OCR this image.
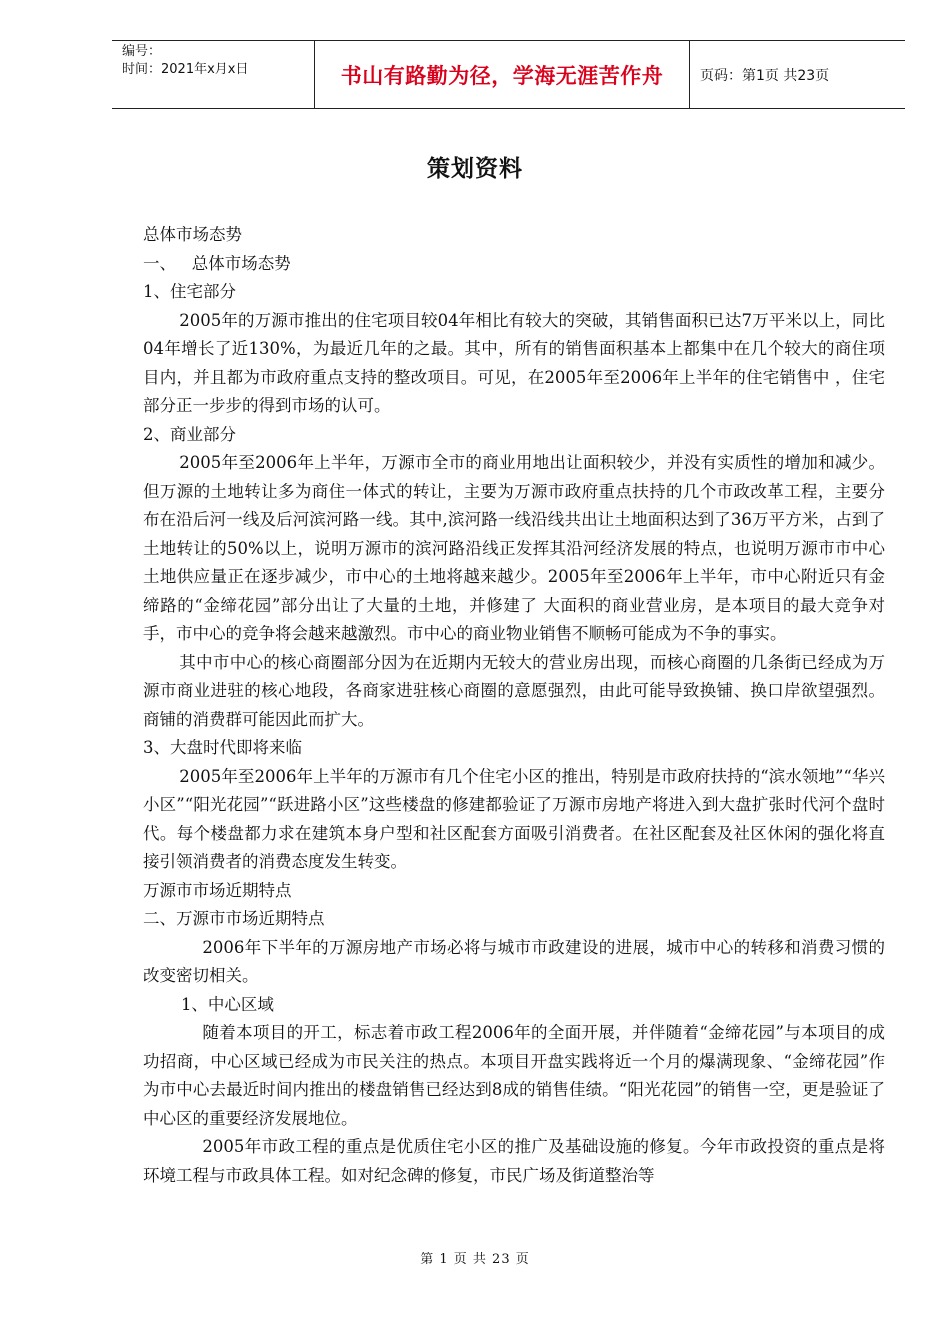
编号：
时间：2021年x月x日	书山有路勤为径，学海无涯苦作舟	页码：第1页 共23页
策划资料

总体市场态势

一、   总体市场态势

1、住宅部分

2005年的万源市推出的住宅项目较04年相比有较大的突破，其销售面积已达7万平米以上，同比04年增长了近130%，为最近几年的之最。其中，所有的销售面积基本上都集中在几个较大的商住项目内，并且都为市政府重点支持的整改项目。可见，在2005年至2006年上半年的住宅销售中 ，住宅部分正一步步的得到市场的认可。

2、商业部分

2005年至2006年上半年，万源市全市的商业用地出让面积较少，并没有实质性的增加和减少。但万源的土地转让多为商住一体式的转让，主要为万源市政府重点扶持的几个市政改革工程，主要分布在沿后河一线及后河滨河路一线。其中,滨河路一线沿线共出让土地面积达到了36万平方米，占到了土地转让的50%以上，说明万源市的滨河路沿线正发挥其沿河经济发展的特点，也说明万源市市中心土地供应量正在逐步减少，市中心的土地将越来越少。2005年至2006年上半年，市中心附近只有金缔路的“金缔花园”部分出让了大量的土地，并修建了 大面积的商业营业房，是本项目的最大竞争对手，市中心的竞争将会越来越激烈。市中心的商业物业销售不顺畅可能成为不争的事实。

其中市中心的核心商圈部分因为在近期内无较大的营业房出现，而核心商圈的几条街已经成为万源市商业进驻的核心地段，各商家进驻核心商圈的意愿强烈，由此可能导致换铺、换口岸欲望强烈。商铺的消费群可能因此而扩大。

3、大盘时代即将来临

2005年至2006年上半年的万源市有几个住宅小区的推出，特别是市政府扶持的“滨水领地”“华兴小区”“阳光花园”“跃进路小区”这些楼盘的修建都验证了万源市房地产将进入到大盘扩张时代河个盘时代。每个楼盘都力求在建筑本身户型和社区配套方面吸引消费者。在社区配套及社区休闲的强化将直接引领消费者的消费态度发生转变。

万源市市场近期特点

二、万源市市场近期特点

2006年下半年的万源房地产市场必将与城市市政建设的进展，城市中心的转移和消费习惯的改变密切相关。

1、中心区域

随着本项目的开工，标志着市政工程2006年的全面开展，并伴随着“金缔花园”与本项目的成功招商，中心区域已经成为市民关注的热点。本项目开盘实践将近一个月的爆满现象、“金缔花园”作为市中心去最近时间内推出的楼盘销售已经达到8成的销售佳绩。“阳光花园”的销售一空，更是验证了中心区的重要经济发展地位。

2005年市政工程的重点是优质住宅小区的推广及基础设施的修复。今年市政投资的重点是将环境工程与市政具体工程。如对纪念碑的修复，市民广场及街道整治等

第 1 页 共 23 页
